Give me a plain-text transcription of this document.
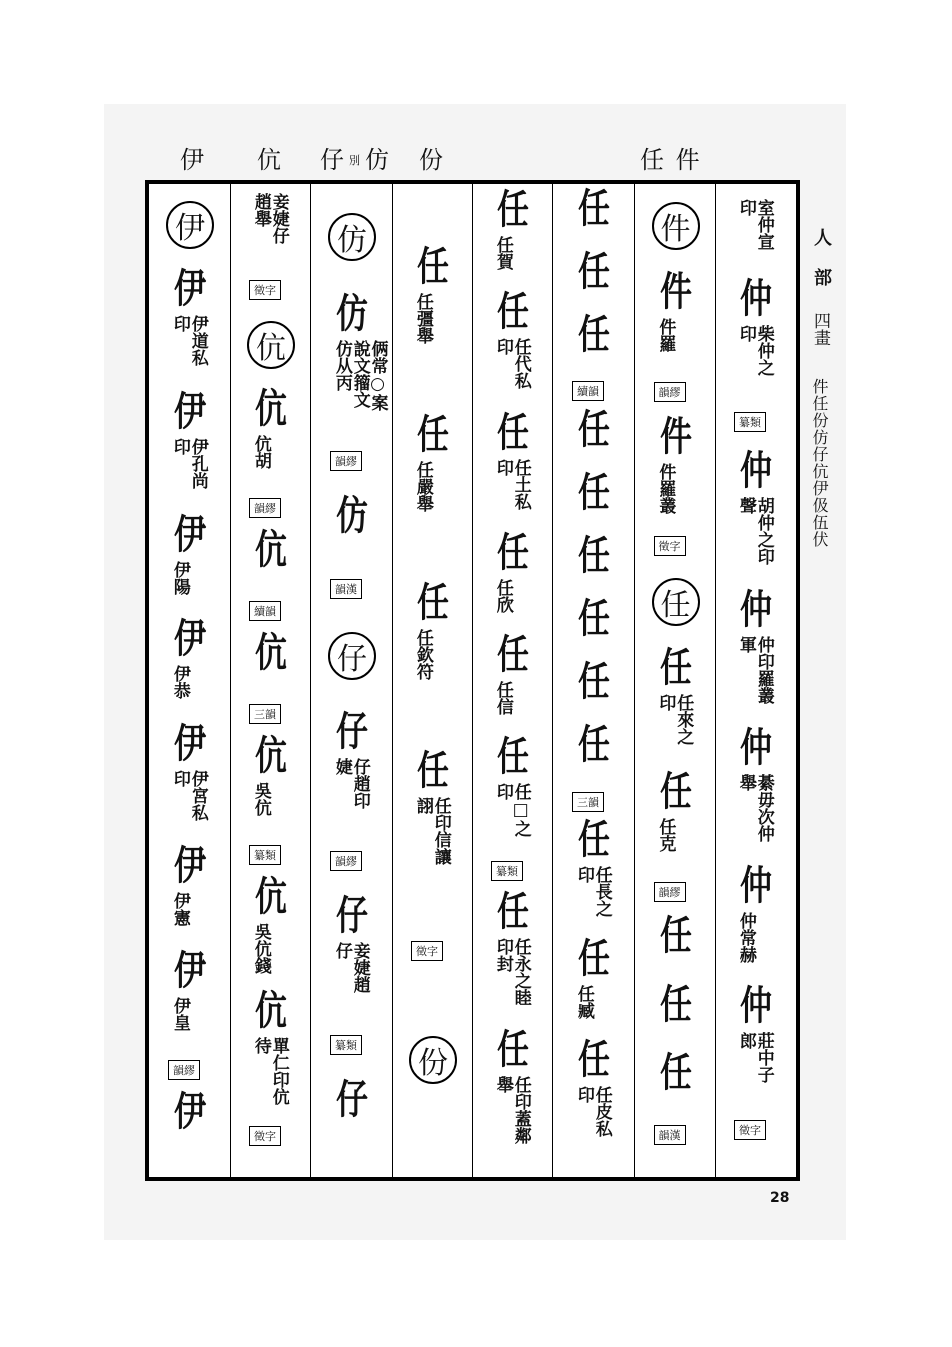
伊 伉 仔 別 仿 份	任 件
伊
伊
伊道私印
伊
伊孔尚印
伊
伊陽
伊
伊恭
伊
伊宮私印
伊
伊憲
伊
伊皇
韻繆
伊
妾婕仔趙舉
徵字
伉
伉
伉胡
韻繆
伉
續韻
伉
三韻
伉
吳伉
纂類
伉
吳伉錢
伉
單仁印伉待
徵字
仿
仿
俩常○案說文籀文仿从丙
韻繆
仿
韻漢
仔
仔
仔趙印婕
韻繆
仔
妾婕趙仔
纂類
仔
任
任彊舉
任
任嚴舉
任
任欽符
任
任印信讓詡
徵字
份
任
任賀
任
任代私印
任
任土私印
任
任欣
任
任信
任
任□之印
纂類
任
任永之睦印封
任
任印蓋鄰舉
任
任
任
續韻
任
任
任
任
任
任
三韻
任
任長之印
任
任臧
任
任皮私印
件
件
件羅
韻繆
件
件羅叢
徵字
任
任
任來之印
任
任克
韻繆
任
任
任
韻漢
室仲宣印
仲
柴仲之印
纂類
仲
胡仲之印聲
仲
仲印羅叢軍
仲
綦毋次仲舉
仲
仲常赫
仲
莊中子郎
徵字
人
部
四畫
件任份仿仔伉伊伋伍伏
28
